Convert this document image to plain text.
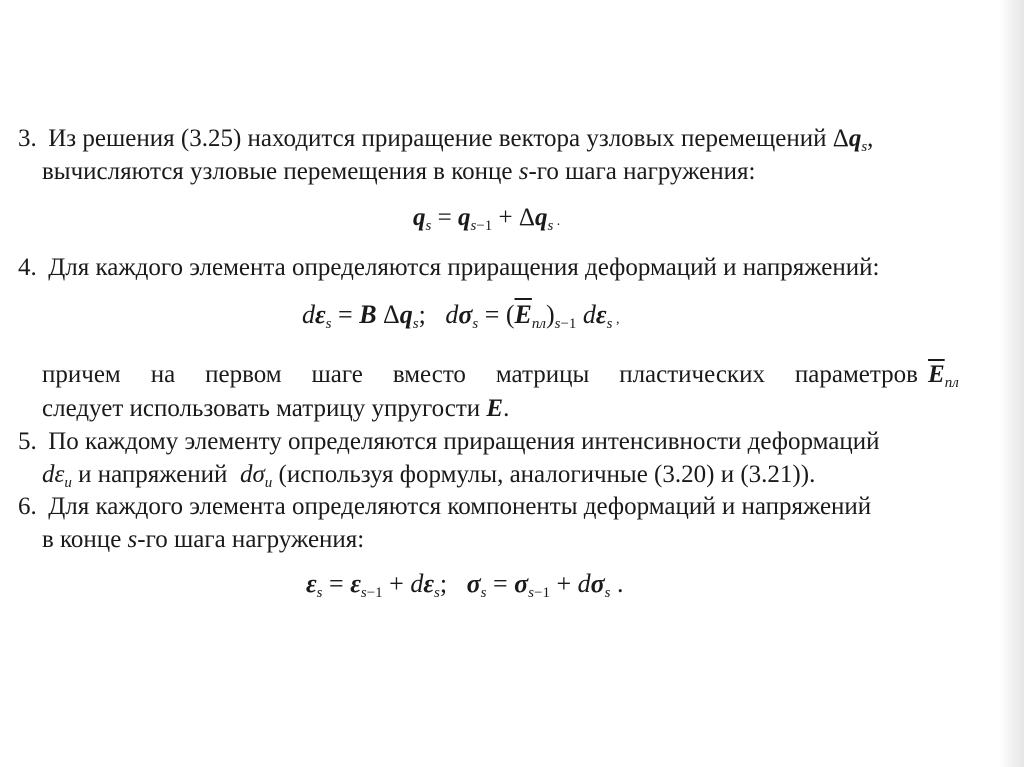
3. Из решения (3.25) находится приращение вектора узловых перемещений $\Delta q_s$,
вычисляются узловые перемещения в конце s-го шага нагружения:
$q_s = q_{s-1} + \Delta q_s$ .
4. Для каждого элемента определяются приращения деформаций и напряжений:
$d\varepsilon_s = B$ $\Delta q_s$;   $d\sigma_s = (\overline{E}_{пл})_{s-1}$ $d\varepsilon_s$ ,
причем на первом шаге вместо матрицы пластических параметров $\overline{E}_{пл}$
следует использовать матрицу упругости E.
5. По каждому элементу определяются приращения интенсивности деформаций
$d\varepsilon_u$ и напряжений  $d\sigma_u$ (используя формулы, аналогичные (3.20) и (3.21)).
6. Для каждого элемента определяются компоненты деформаций и напряжений
в конце s-го шага нагружения:
$\varepsilon_s = \varepsilon_{s-1} + d\varepsilon_s$; $\sigma_s = \sigma_{s-1} + d\sigma_s$ .
